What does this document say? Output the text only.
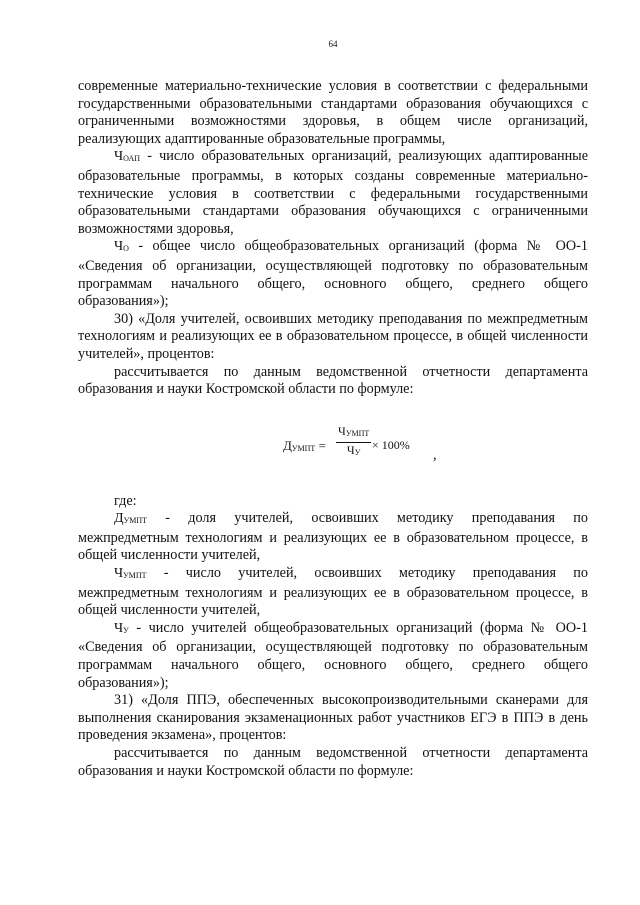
64

современные материально-технические условия в соответствии с федеральными государственными образовательными стандартами образования обучающихся с ограниченными возможностями здоровья, в общем числе организаций, реализующих адаптированные образовательные программы,

ЧОАП - число образовательных организаций, реализующих адаптированные образовательные программы, в которых созданы современные материально-технические условия в соответствии с федеральными государственными образовательными стандартами образования обучающихся с ограниченными возможностями здоровья,

ЧО - общее число общеобразовательных организаций (форма № ОО-1 «Сведения об организации, осуществляющей подготовку по образовательным программам начального общего, основного общего, среднего общего образования»);

30) «Доля учителей, освоивших методику преподавания по межпредметным технологиям и реализующих ее в образовательном процессе, в общей численности учителей», процентов:

рассчитывается по данным ведомственной отчетности департамента образования и науки Костромской области по формуле:

ДУМПТ =
ЧУМПТ
ЧУ
× 100%
,

где:

ДУМПТ - доля учителей, освоивших методику преподавания по межпредметным технологиям и реализующих ее в образовательном процессе, в общей численности учителей,

ЧУМПТ - число учителей, освоивших методику преподавания по межпредметным технологиям и реализующих ее в образовательном процессе, в общей численности учителей,

ЧУ - число учителей общеобразовательных организаций (форма № ОО-1 «Сведения об организации, осуществляющей подготовку по образовательным программам начального общего, основного общего, среднего общего образования»);

31) «Доля ППЭ, обеспеченных высокопроизводительными сканерами для выполнения сканирования экзаменационных работ участников ЕГЭ в ППЭ в день проведения экзамена», процентов:

рассчитывается по данным ведомственной отчетности департамента образования и науки Костромской области по формуле:
